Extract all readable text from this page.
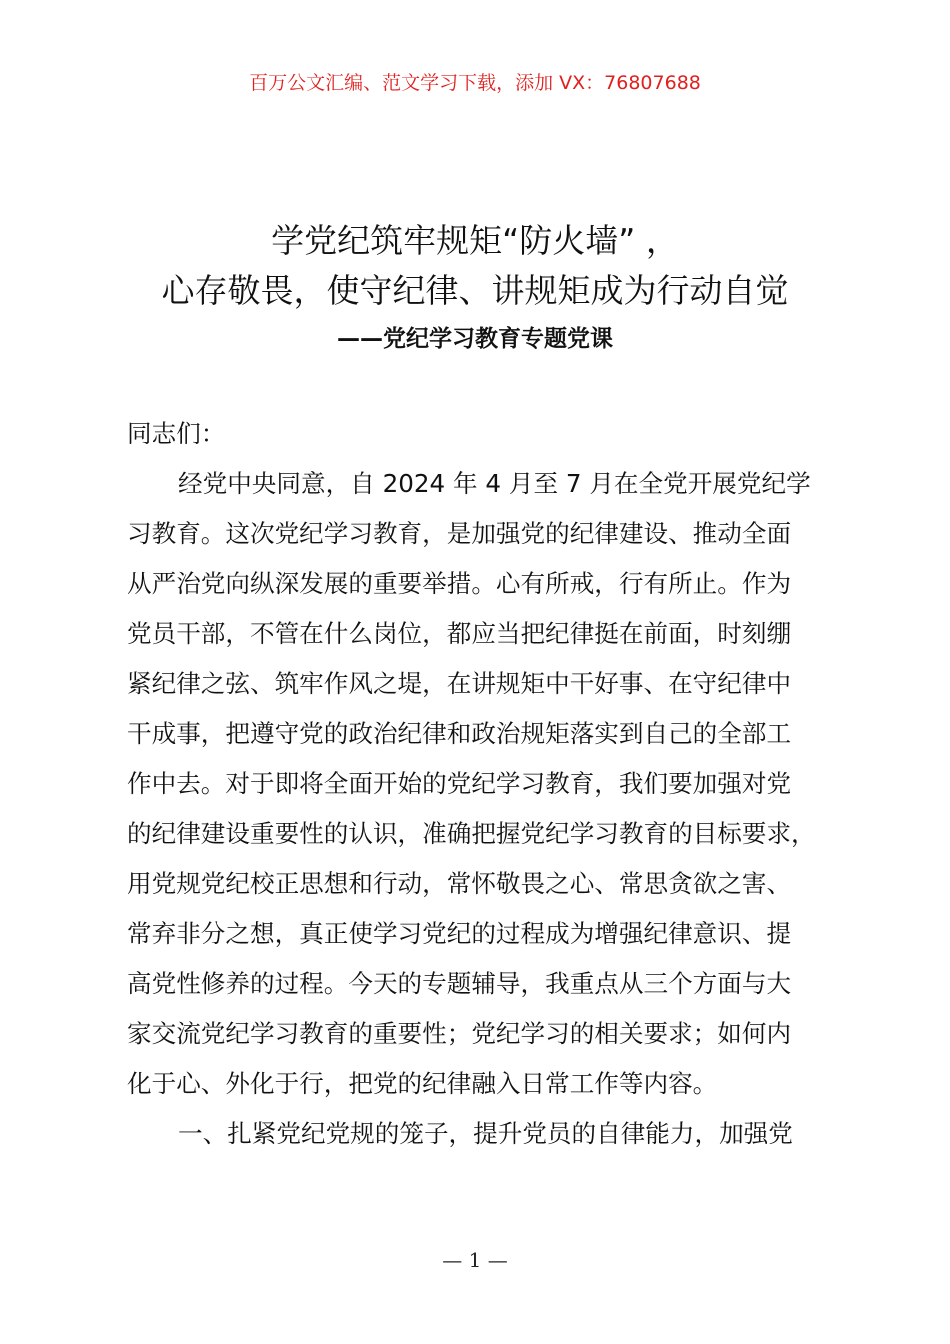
百万公文汇编、范文学习下载，添加 VX：76807688
学党纪筑牢规矩“防火墙” ，
心存敬畏，使守纪律、讲规矩成为行动自觉
——党纪学习教育专题党课
同志们：
经党中央同意，自 2024 年 4 月至 7 月在全党开展党纪学
习教育。这次党纪学习教育，是加强党的纪律建设、推动全面
从严治党向纵深发展的重要举措。心有所戒，行有所止。作为
党员干部，不管在什么岗位，都应当把纪律挺在前面，时刻绷
紧纪律之弦、筑牢作风之堤，在讲规矩中干好事、在守纪律中
干成事，把遵守党的政治纪律和政治规矩落实到自己的全部工
作中去。对于即将全面开始的党纪学习教育，我们要加强对党
的纪律建设重要性的认识，准确把握党纪学习教育的目标要求，
用党规党纪校正思想和行动，常怀敬畏之心、常思贪欲之害、
常弃非分之想，真正使学习党纪的过程成为增强纪律意识、提
高党性修养的过程。今天的专题辅导，我重点从三个方面与大
家交流党纪学习教育的重要性；党纪学习的相关要求；如何内
化于心、外化于行，把党的纪律融入日常工作等内容。
一、扎紧党纪党规的笼子，提升党员的自律能力，加强党
— 1 —
